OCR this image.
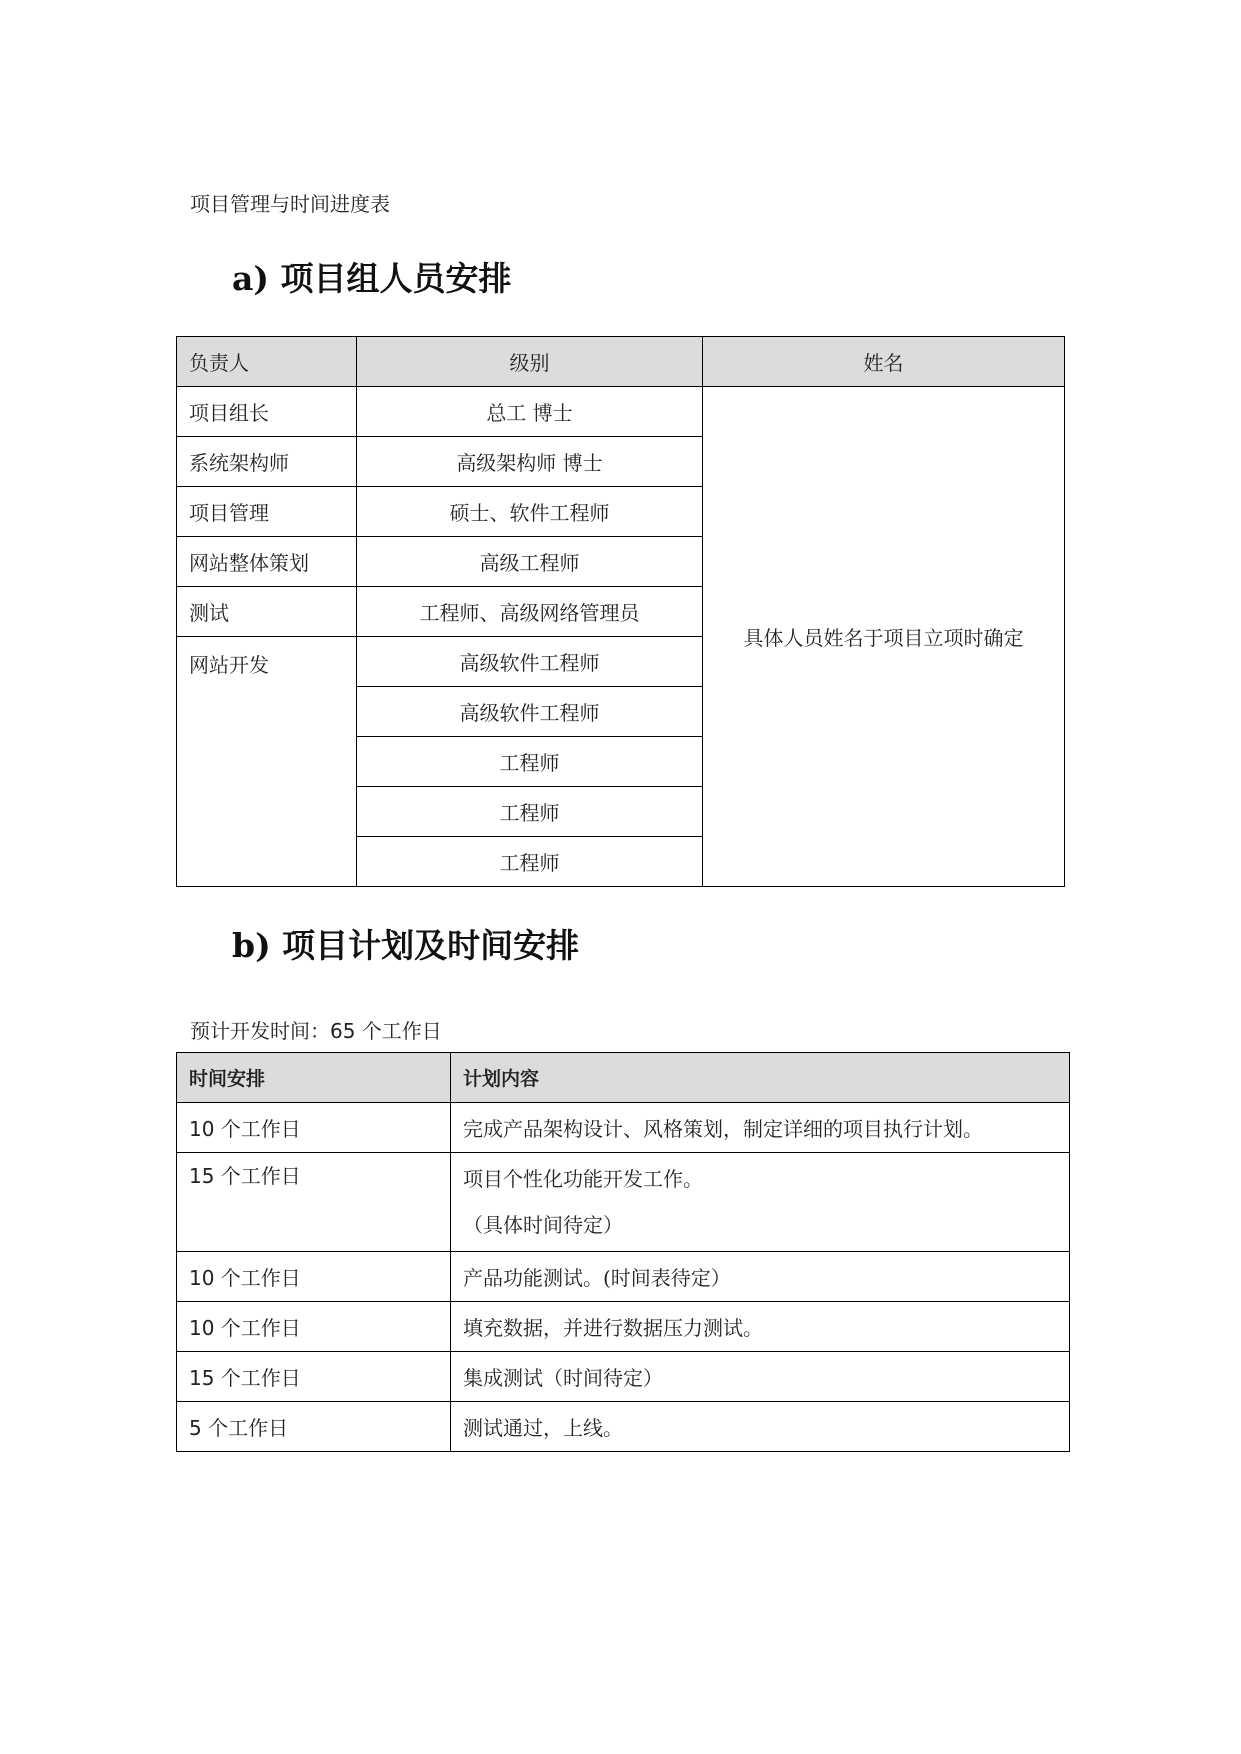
项目管理与时间进度表
a) 项目组人员安排
负责人	级别	姓名
项目组长	总工 博士	具体人员姓名于项目立项时确定
系统架构师	高级架构师 博士	
项目管理	硕士、软件工程师	
网站整体策划	高级工程师	
测试	工程师、高级网络管理员	
网站开发	高级软件工程师	
	高级软件工程师	
	工程师	
	工程师	
	工程师	
b) 项目计划及时间安排
预计开发时间：65 个工作日
时间安排	计划内容
10 个工作日	完成产品架构设计、风格策划，制定详细的项目执行计划。
15 个工作日	项目个性化功能开发工作。
（具体时间待定）

10 个工作日	产品功能测试。(时间表待定）
10 个工作日	填充数据，并进行数据压力测试。
15 个工作日	集成测试（时间待定）
5 个工作日	测试通过，上线。
